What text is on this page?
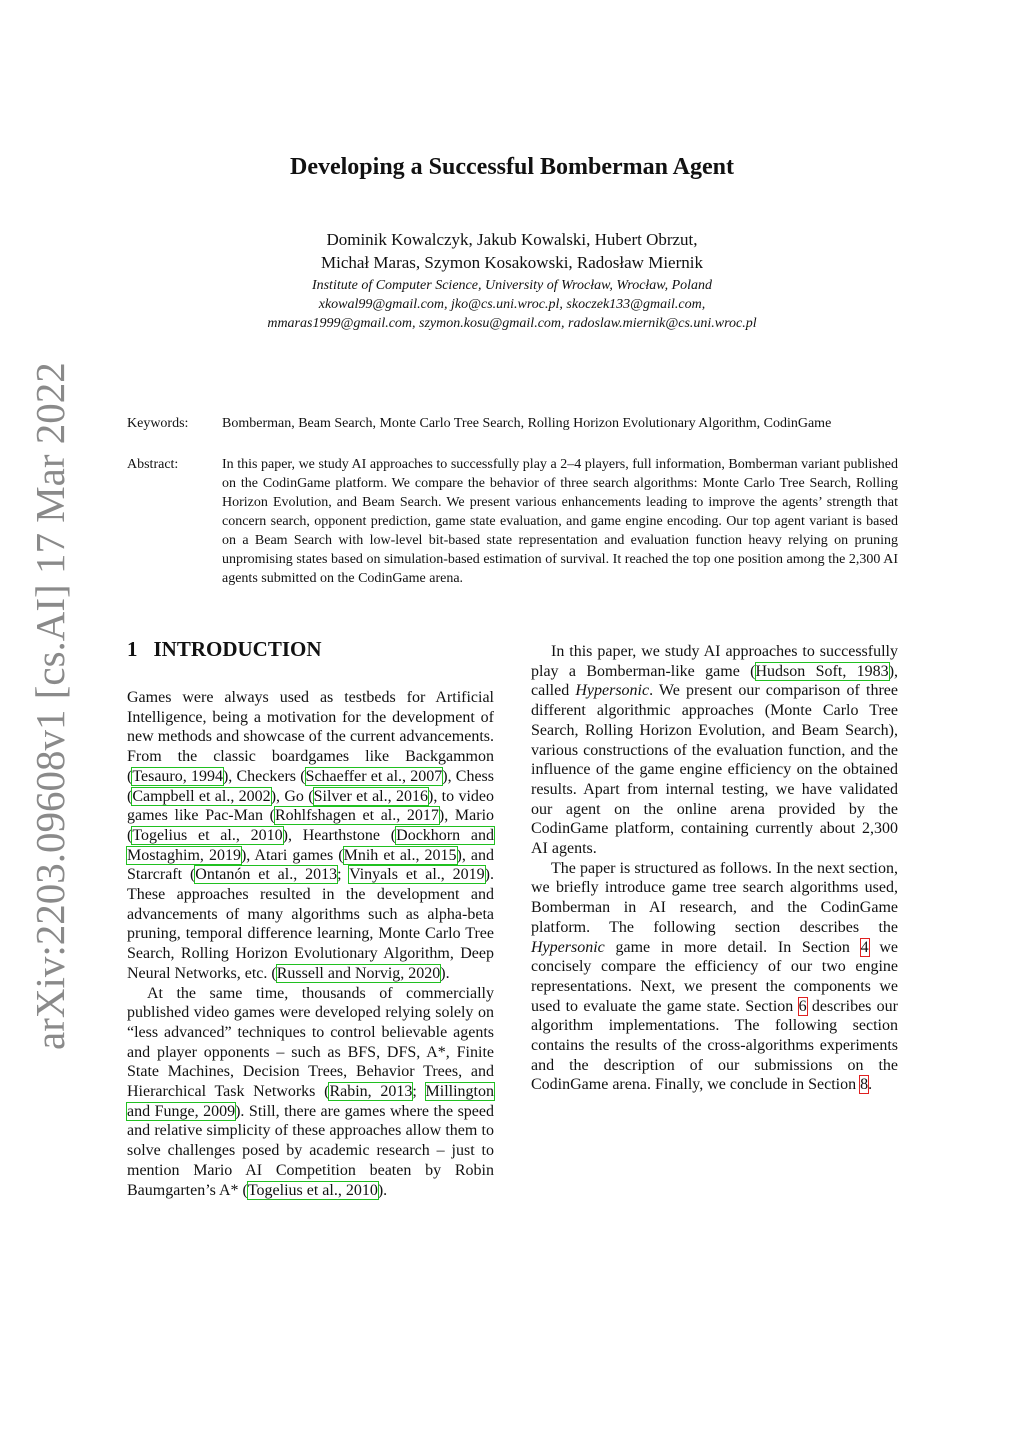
arXiv:2203.09608v1 [cs.AI] 17 Mar 2022
Developing a Successful Bomberman Agent
Dominik Kowalczyk, Jakub Kowalski, Hubert Obrzut,
Michał Maras, Szymon Kosakowski, Radosław Miernik
Institute of Computer Science, University of Wrocław, Wrocław, Poland
xkowal99@gmail.com, jko@cs.uni.wroc.pl, skoczek133@gmail.com,
mmaras1999@gmail.com, szymon.kosu@gmail.com, radoslaw.miernik@cs.uni.wroc.pl
Keywords: Bomberman, Beam Search, Monte Carlo Tree Search, Rolling Horizon Evolutionary Algorithm, CodinGame
Abstract:	In this paper, we study AI approaches to successfully play a 2–4 players, full information, Bomberman variant published on the CodinGame platform. We compare the behavior of three search algorithms: Monte Carlo Tree Search, Rolling Horizon Evolution, and Beam Search. We present various enhancements leading to improve the agents’ strength that concern search, opponent prediction, game state evaluation, and game engine encoding. Our top agent variant is based on a Beam Search with low-level bit-based state representation and evaluation function heavy relying on pruning unpromising states based on simulation-based estimation of survival. It reached the top one position among the 2,300 AI agents submitted on the CodinGame arena.
1 INTRODUCTION

Games were always used as testbeds for Artificial Intelligence, being a motivation for the development of new methods and showcase of the current advancements. From the classic boardgames like Backgammon (Tesauro, 1994), Checkers (Schaeffer et al., 2007), Chess (Campbell et al., 2002), Go (Silver et al., 2016), to video games like Pac-Man (Rohlfshagen et al., 2017), Mario (Togelius et al., 2010), Hearthstone (Dockhorn and Mostaghim, 2019), Atari games (Mnih et al., 2015), and Starcraft (Ontanón et al., 2013; Vinyals et al., 2019). These approaches resulted in the development and advancements of many algorithms such as alpha-beta pruning, temporal difference learning, Monte Carlo Tree Search, Rolling Horizon Evolutionary Algorithm, Deep Neural Networks, etc. (Russell and Norvig, 2020).

At the same time, thousands of commercially published video games were developed relying solely on “less advanced” techniques to control believable agents and player opponents – such as BFS, DFS, A*, Finite State Machines, Decision Trees, Behavior Trees, and Hierarchical Task Networks (Rabin, 2013; Millington and Funge, 2009). Still, there are games where the speed and relative simplicity of these approaches allow them to solve challenges posed by academic research – just to mention Mario AI Competition beaten by Robin Baumgarten’s A* (Togelius et al., 2010).

In this paper, we study AI approaches to successfully play a Bomberman-like game (Hudson Soft, 1983), called Hypersonic. We present our comparison of three different algorithmic approaches (Monte Carlo Tree Search, Rolling Horizon Evolution, and Beam Search), various constructions of the evaluation function, and the influence of the game engine efficiency on the obtained results. Apart from internal testing, we have validated our agent on the online arena provided by the CodinGame platform, containing currently about 2,300 AI agents.

The paper is structured as follows. In the next section, we briefly introduce game tree search algorithms used, Bomberman in AI research, and the CodinGame platform. The following section describes the Hypersonic game in more detail. In Section 4 we concisely compare the efficiency of our two engine representations. Next, we present the components we used to evaluate the game state. Section 6 describes our algorithm implementations. The following section contains the results of the cross-algorithms experiments and the description of our submissions on the CodinGame arena. Finally, we conclude in Section 8.
